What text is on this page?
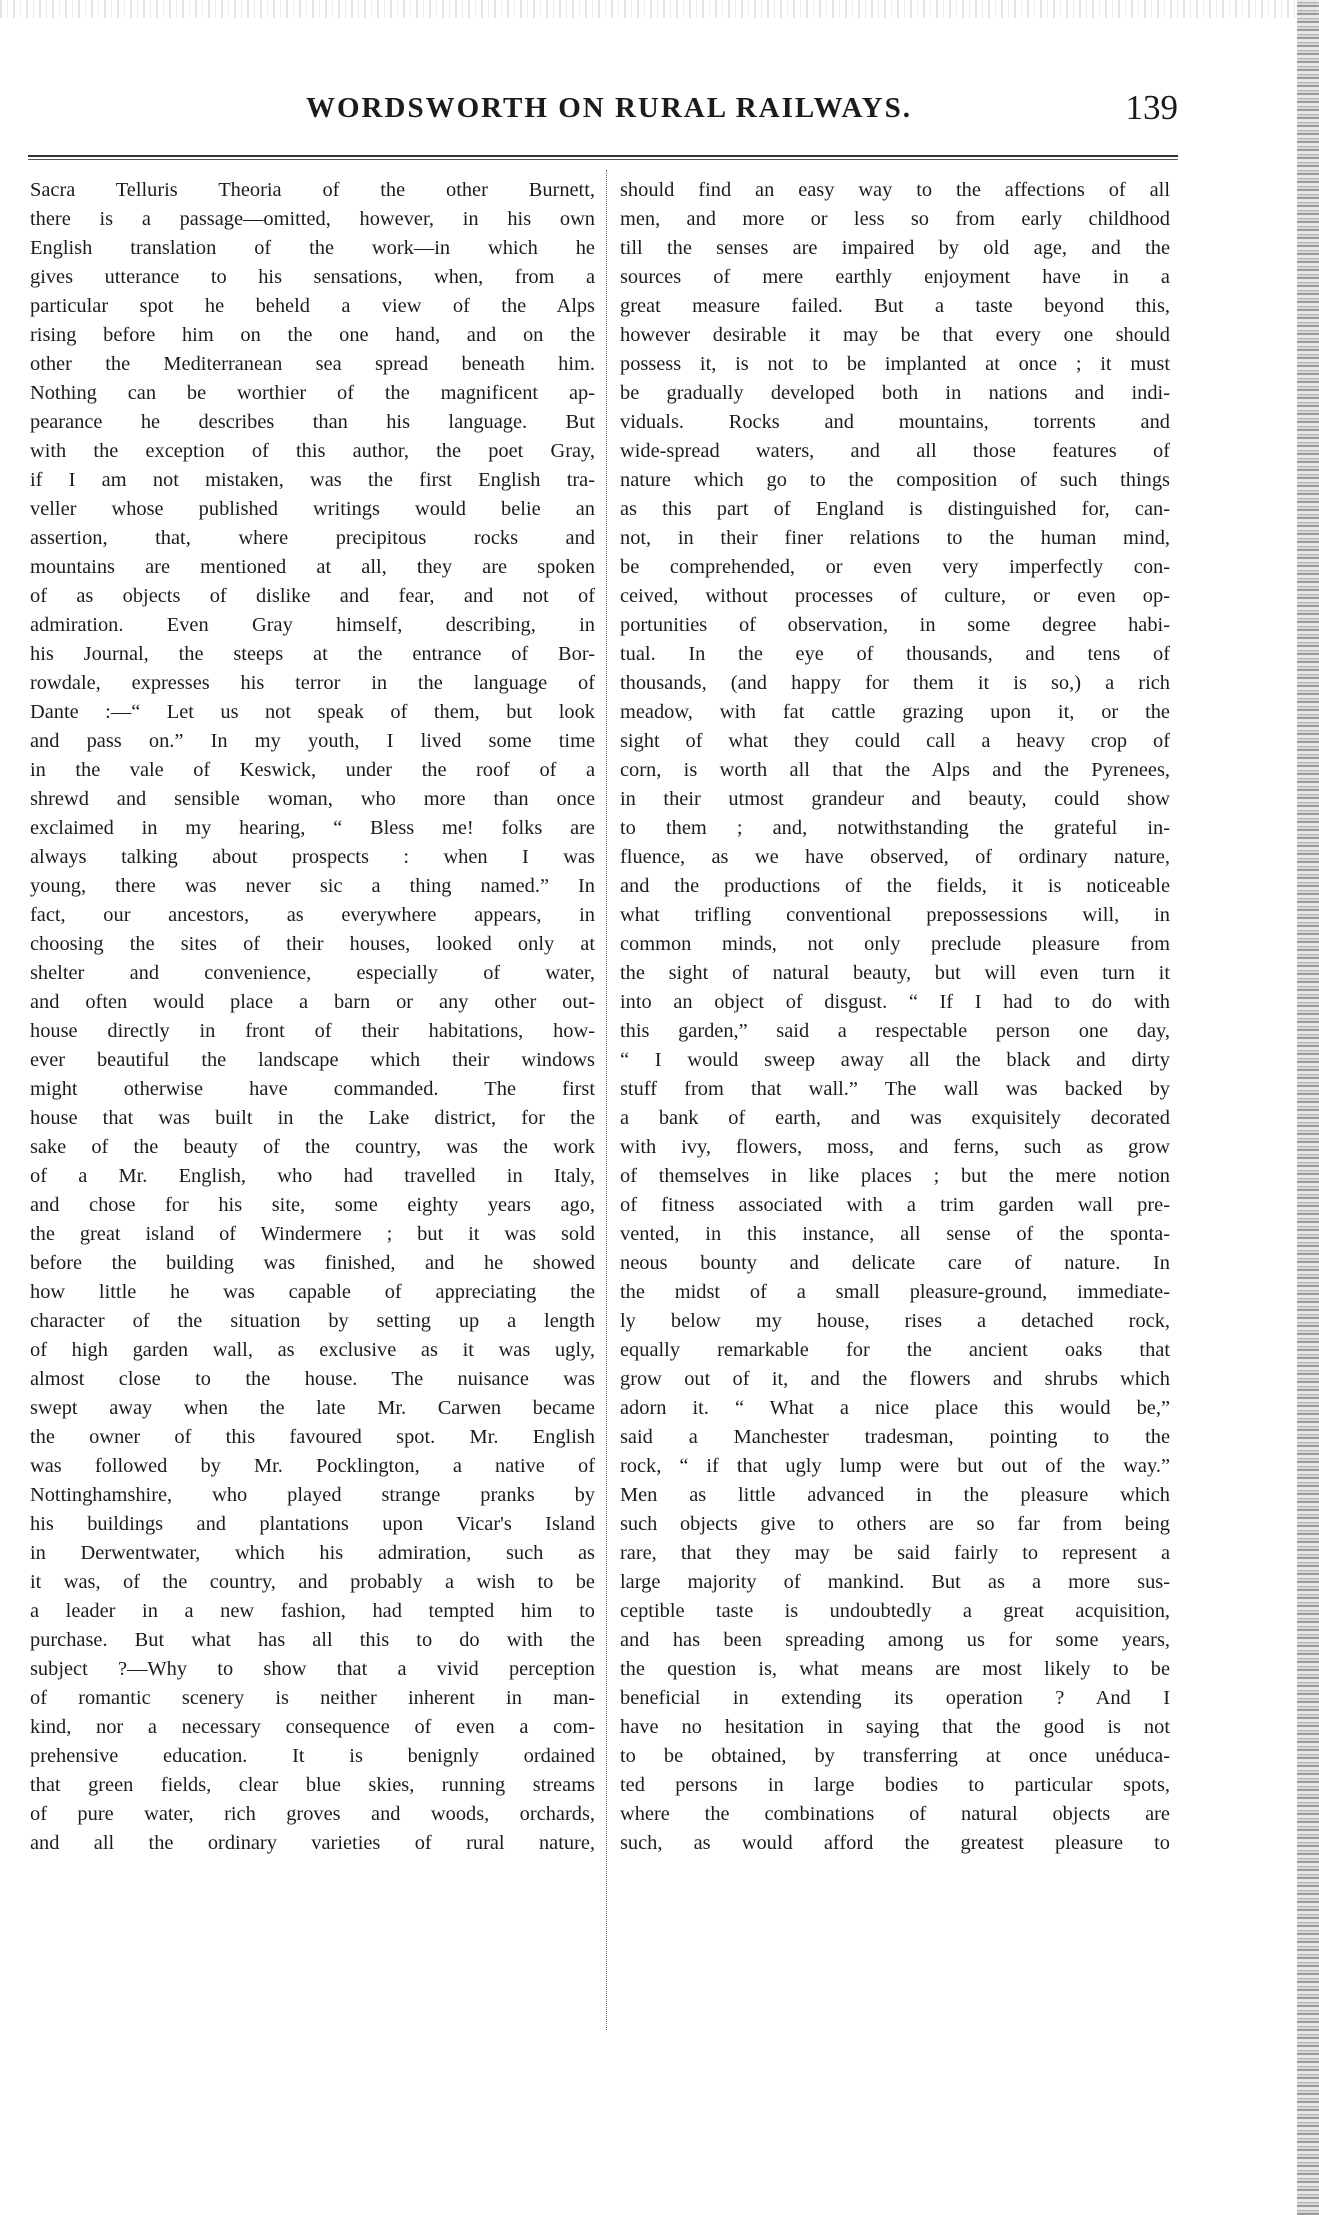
WORDSWORTH ON RURAL RAILWAYS.	139
Sacra Telluris Theoria of the other Burnett,
there is a passage—omitted, however, in his own
English translation of the work—in which he
gives utterance to his sensations, when, from a
particular spot he beheld a view of the Alps
rising before him on the one hand, and on the
other the Mediterranean sea spread beneath him.
Nothing can be worthier of the magnificent ap-
pearance he describes than his language. But
with the exception of this author, the poet Gray,
if I am not mistaken, was the first English tra-
veller whose published writings would belie an
assertion, that, where precipitous rocks and
mountains are mentioned at all, they are spoken
of as objects of dislike and fear, and not of
admiration. Even Gray himself, describing, in
his Journal, the steeps at the entrance of Bor-
rowdale, expresses his terror in the language of
Dante :—“ Let us not speak of them, but look
and pass on.” In my youth, I lived some time
in the vale of Keswick, under the roof of a
shrewd and sensible woman, who more than once
exclaimed in my hearing, “ Bless me! folks are
always talking about prospects : when I was
young, there was never sic a thing named.” In
fact, our ancestors, as everywhere appears, in
choosing the sites of their houses, looked only at
shelter and convenience, especially of water,
and often would place a barn or any other out-
house directly in front of their habitations, how-
ever beautiful the landscape which their windows
might otherwise have commanded. The first
house that was built in the Lake district, for the
sake of the beauty of the country, was the work
of a Mr. English, who had travelled in Italy,
and chose for his site, some eighty years ago,
the great island of Windermere ; but it was sold
before the building was finished, and he showed
how little he was capable of appreciating the
character of the situation by setting up a length
of high garden wall, as exclusive as it was ugly,
almost close to the house. The nuisance was
swept away when the late Mr. Carwen became
the owner of this favoured spot. Mr. English
was followed by Mr. Pocklington, a native of
Nottinghamshire, who played strange pranks by
his buildings and plantations upon Vicar's Island
in Derwentwater, which his admiration, such as
it was, of the country, and probably a wish to be
a leader in a new fashion, had tempted him to
purchase. But what has all this to do with the
subject ?—Why to show that a vivid perception
of romantic scenery is neither inherent in man-
kind, nor a necessary consequence of even a com-
prehensive education. It is benignly ordained
that green fields, clear blue skies, running streams
of pure water, rich groves and woods, orchards,
and all the ordinary varieties of rural nature,
should find an easy way to the affections of all
men, and more or less so from early childhood
till the senses are impaired by old age, and the
sources of mere earthly enjoyment have in a
great measure failed. But a taste beyond this,
however desirable it may be that every one should
possess it, is not to be implanted at once ; it must
be gradually developed both in nations and indi-
viduals. Rocks and mountains, torrents and
wide-spread waters, and all those features of
nature which go to the composition of such things
as this part of England is distinguished for, can-
not, in their finer relations to the human mind,
be comprehended, or even very imperfectly con-
ceived, without processes of culture, or even op-
portunities of observation, in some degree habi-
tual. In the eye of thousands, and tens of
thousands, (and happy for them it is so,) a rich
meadow, with fat cattle grazing upon it, or the
sight of what they could call a heavy crop of
corn, is worth all that the Alps and the Pyrenees,
in their utmost grandeur and beauty, could show
to them ; and, notwithstanding the grateful in-
fluence, as we have observed, of ordinary nature,
and the productions of the fields, it is noticeable
what trifling conventional prepossessions will, in
common minds, not only preclude pleasure from
the sight of natural beauty, but will even turn it
into an object of disgust. “ If I had to do with
this garden,” said a respectable person one day,
“ I would sweep away all the black and dirty
stuff from that wall.” The wall was backed by
a bank of earth, and was exquisitely decorated
with ivy, flowers, moss, and ferns, such as grow
of themselves in like places ; but the mere notion
of fitness associated with a trim garden wall pre-
vented, in this instance, all sense of the sponta-
neous bounty and delicate care of nature. In
the midst of a small pleasure-ground, immediate-
ly below my house, rises a detached rock,
equally remarkable for the ancient oaks that
grow out of it, and the flowers and shrubs which
adorn it. “ What a nice place this would be,”
said a Manchester tradesman, pointing to the
rock, “ if that ugly lump were but out of the way.”
Men as little advanced in the pleasure which
such objects give to others are so far from being
rare, that they may be said fairly to represent a
large majority of mankind. But as a more sus-
ceptible taste is undoubtedly a great acquisition,
and has been spreading among us for some years,
the question is, what means are most likely to be
beneficial in extending its operation ? And I
have no hesitation in saying that the good is not
to be obtained, by transferring at once unéduca-
ted persons in large bodies to particular spots,
where the combinations of natural objects are
such, as would afford the greatest pleasure to
